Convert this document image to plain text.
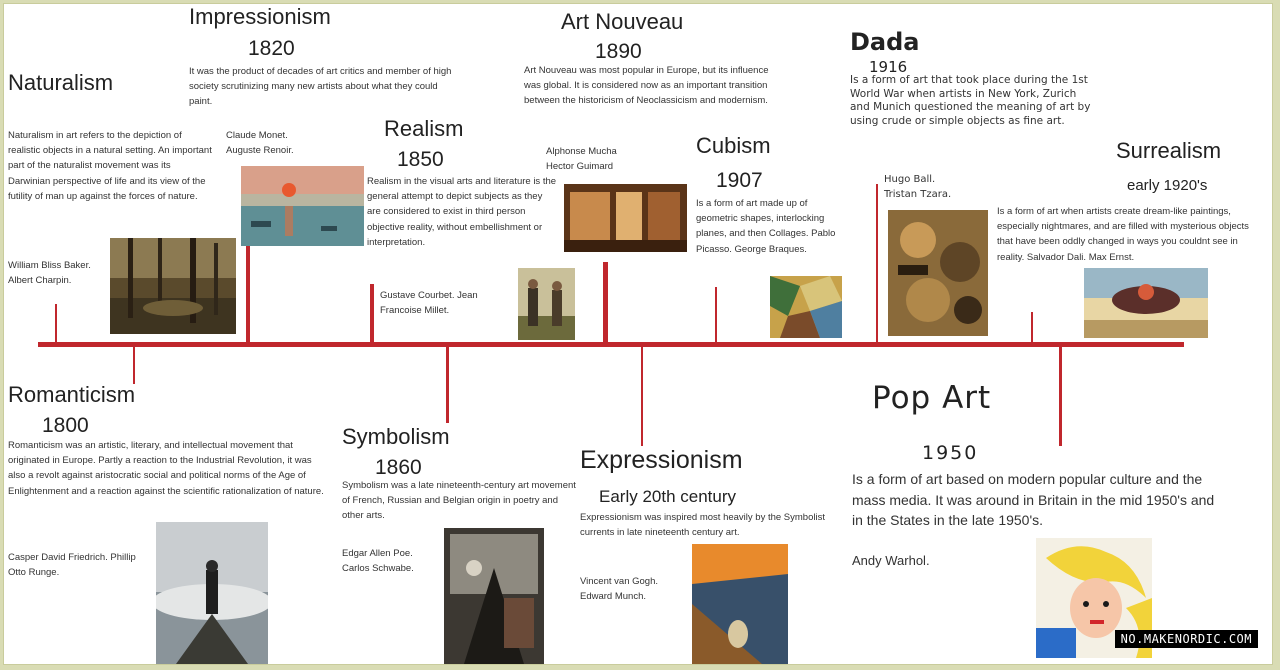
Naturalism
Naturalism in art refers to the depiction of realistic objects in a natural setting. An important part of the naturalist movement was its Darwinian perspective of life and its view of the futility of man up against the forces of nature.
William Bliss Baker. Albert Charpin.
Impressionism
1820
It was the product of decades of art critics and member of high society scrutinizing many new artists about what they could paint.
Claude Monet. Auguste Renoir.
Realism
1850
Realism in the visual arts and literature is the general attempt to depict subjects as they are considered to exist in third person objective reality, without embellishment or interpretation.
Gustave Courbet. Jean Francoise Millet.
Art Nouveau
1890
Art Nouveau was most popular in Europe, but its influence was global. It is considered now as an important transition between the historicism of Neoclassicism and modernism.
Alphonse Mucha Hector Guimard
Cubism
1907
Is a form of art made up of geometric shapes, interlocking planes, and then Collages. Pablo Picasso. George Braques.
Dada
1916
Is a form of art that took place during the 1st World War when artists in New York, Zurich and Munich questioned the meaning of art by using crude or simple objects as fine art.
Hugo Ball. Tristan Tzara.
Surrealism
early 1920's
Is a form of art when artists create dream-like paintings, especially nightmares, and are filled with mysterious objects that have been oddly changed in ways you couldnt see in reality. Salvador Dali. Max Ernst.
Romanticism
1800
Romanticism was an artistic, literary, and intellectual movement that originated in Europe. Partly a reaction to the Industrial Revolution, it was also a revolt against aristocratic social and political norms of the Age of Enlightenment and a reaction against the scientific rationalization of nature.
Casper David Friedrich. Phillip Otto Runge.
Symbolism
1860
Symbolism was a late nineteenth-century art movement of French, Russian and Belgian origin in poetry and other arts.
Edgar Allen Poe. Carlos Schwabe.
Expressionism
Early 20th century
Expressionism was inspired most heavily by the Symbolist currents in late nineteenth century art.
Vincent van Gogh. Edward Munch.
Pop Art
1950
Is a form of art based on modern popular culture and the mass media. It was around in Britain in the mid 1950's and in the States in the late 1950's.
Andy Warhol.
NO.MAKENORDIC.COM
